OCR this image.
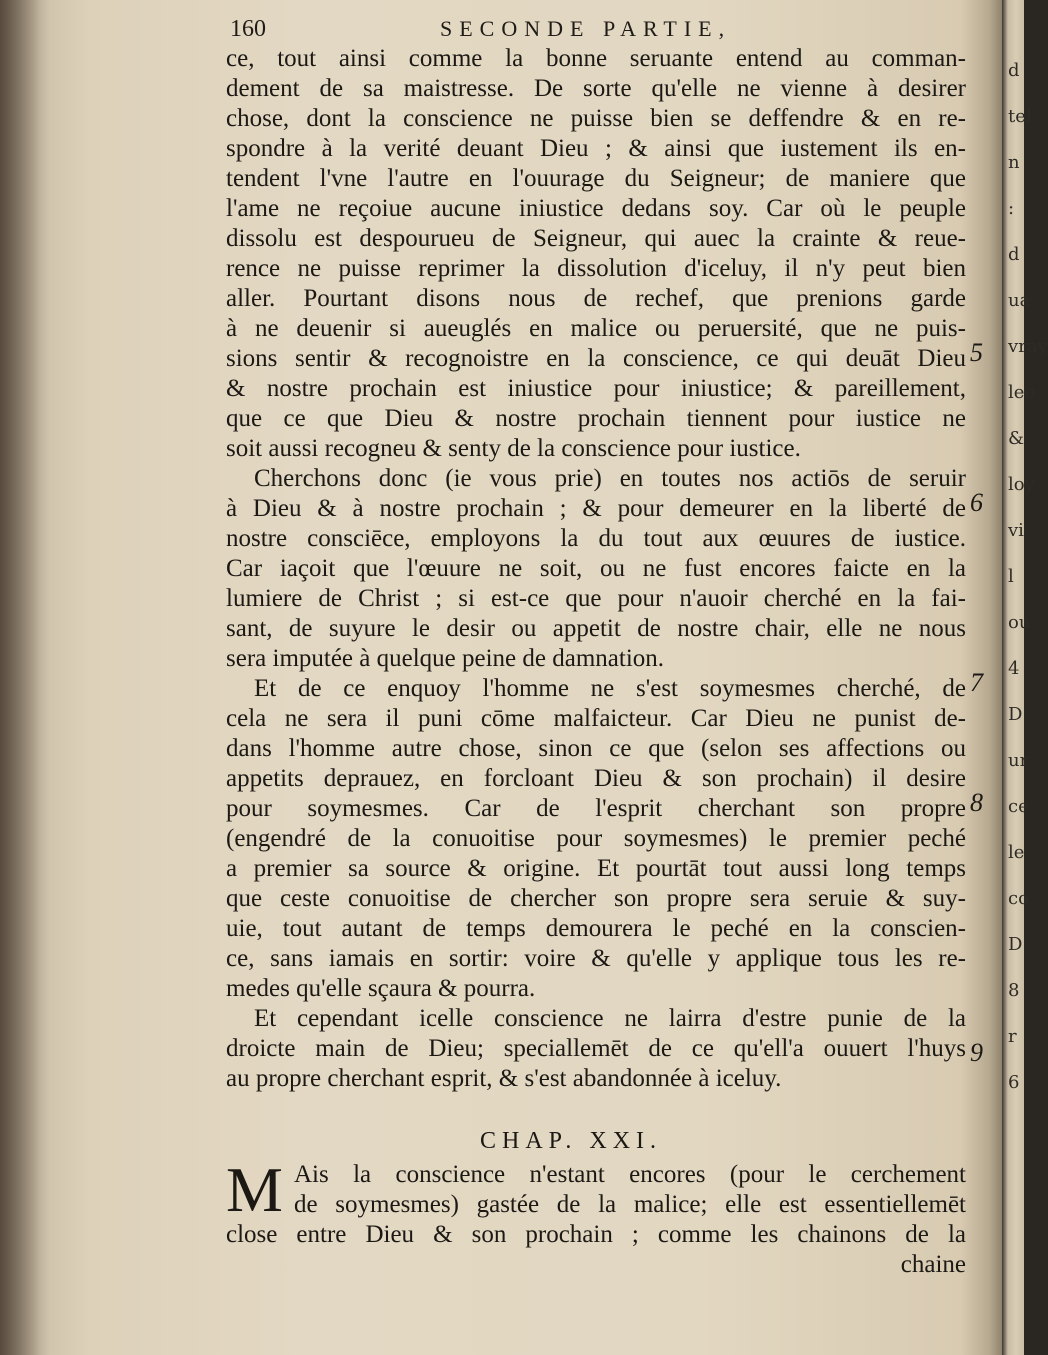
d
tel
n
:
d
ua
vray
lee
&
loy
vi
l
ou
4
D
ur
ce
le
co
D
8
r
6
160	SECONDE PARTIE,
ce, tout ainsi comme la bonne seruante entend au comman-
dement de sa maistresse. De sorte qu'elle ne vienne à desirer
chose, dont la conscience ne puisse bien se deffendre & en re-
spondre à la verité deuant Dieu ; & ainsi que iustement ils en-
tendent l'vne l'autre en l'ouurage du Seigneur; de maniere que
l'ame ne reçoiue aucune iniustice dedans soy. Car où le peuple
dissolu est despourueu de Seigneur, qui auec la crainte & reue-
rence ne puisse reprimer la dissolution d'iceluy, il n'y peut bien
aller. Pourtant disons nous de rechef, que prenions garde
à ne deuenir si aueuglés en malice ou peruersité, que ne puis-
sions sentir & recognoistre en la conscience, ce qui deuāt Dieu
& nostre prochain est iniustice pour iniustice; & pareillement,
que ce que Dieu & nostre prochain tiennent pour iustice ne
soit aussi recogneu & senty de la conscience pour iustice.
Cherchons donc (ie vous prie) en toutes nos actiōs de seruir
à Dieu & à nostre prochain ; & pour demeurer en la liberté de
nostre consciēce, employons la du tout aux œuures de iustice.
Car iaçoit que l'œuure ne soit, ou ne fust encores faicte en la
lumiere de Christ ; si est-ce que pour n'auoir cherché en la fai-
sant, de suyure le desir ou appetit de nostre chair, elle ne nous
sera imputée à quelque peine de damnation.
Et de ce enquoy l'homme ne s'est soymesmes cherché, de
cela ne sera il puni cōme malfaicteur. Car Dieu ne punist de-
dans l'homme autre chose, sinon ce que (selon ses affections ou
appetits deprauez, en forcloant Dieu & son prochain) il desire
pour soymesmes. Car de l'esprit cherchant son propre
(engendré de la conuoitise pour soymesmes) le premier peché
a premier sa source & origine. Et pourtāt tout aussi long temps
que ceste conuoitise de chercher son propre sera seruie & suy-
uie, tout autant de temps demourera le peché en la conscien-
ce, sans iamais en sortir: voire & qu'elle y applique tous les re-
medes qu'elle sçaura & pourra.
Et cependant icelle conscience ne lairra d'estre punie de la
droicte main de Dieu; speciallemēt de ce qu'ell'a ouuert l'huys
au propre cherchant esprit, & s'est abandonnée à iceluy.
5
6
7
8
9
CHAP. XXI.
M Ais la conscience n'estant encores (pour le cerchement
de soymesmes) gastée de la malice; elle est essentiellemēt
close entre Dieu & son prochain ; comme les chainons de la
chaine
